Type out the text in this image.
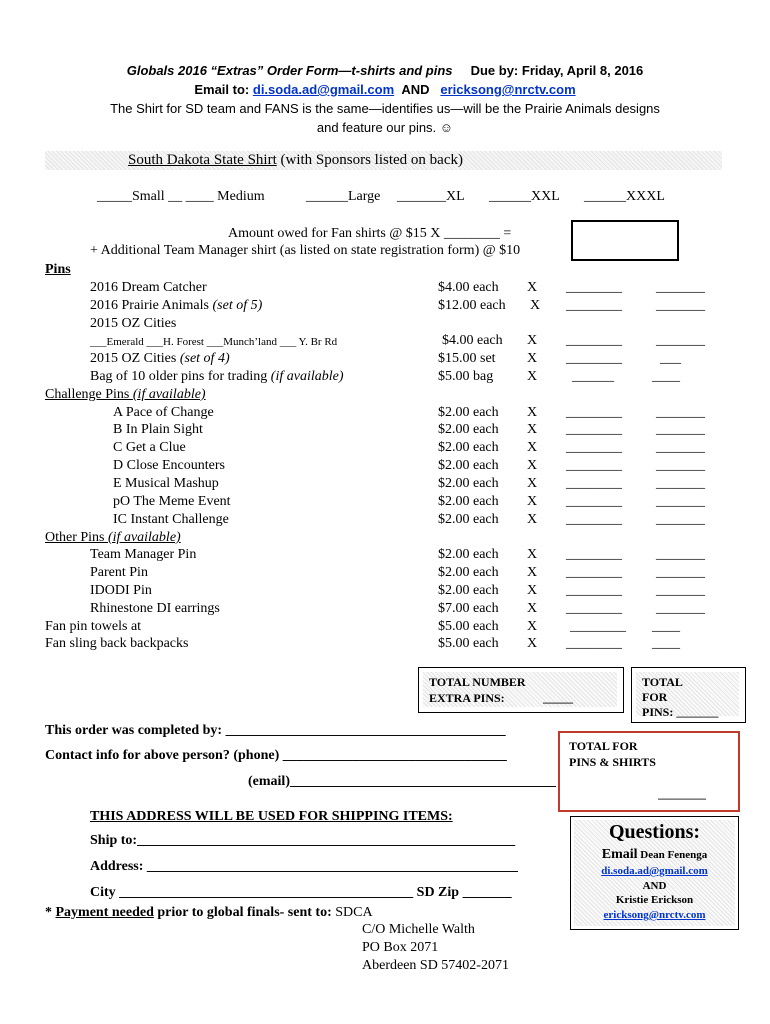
Globals 2016 “Extras” Order Form—t-shirts and pins Due by: Friday, April 8, 2016
Email to: di.soda.ad@gmail.com AND ericksong@nrctv.com
The Shirt for SD team and FANS is the same—identifies us—will be the Prairie Animals designs
and feature our pins. ☺
South Dakota State Shirt (with Sponsors listed on back)
_____Small __ ____ Medium	______Large _______XL ______XXL ______XXXL
Amount owed for Fan shirts @ $15 X ________ =
+ Additional Team Manager shirt (as listed on state registration form) @ $10
Pins
2016 Dream Catcher	$4.00 each X ________ _______
2016 Prairie Animals (set of 5)	$12.00 each X ________ _______
2015 OZ Cities
___Emerald ___H. Forest ___Munch’land ___ Y. Br Rd	$4.00 each X ________ _______
2015 OZ Cities (set of 4)	$15.00 set X ________	___
Bag of 10 older pins for trading (if available)	$5.00 bag X ______	____
Challenge Pins (if available)
A Pace of Change	$2.00 each X ________ _______
B In Plain Sight	$2.00 each X ________ _______
C Get a Clue	$2.00 each X ________ _______
D Close Encounters	$2.00 each X ________ _______
E Musical Mashup	$2.00 each X ________ _______
pO The Meme Event	$2.00 each X ________ _______
IC Instant Challenge	$2.00 each X ________ _______
Other Pins (if available)
Team Manager Pin	$2.00 each X ________ _______
Parent Pin	$2.00 each X ________ _______
IDODI Pin	$2.00 each X ________ _______
Rhinestone DI earrings	$7.00 each X ________ _______
Fan pin towels at	$5.00 each X ________ ____
Fan sling back backpacks	$5.00 each X ________ ____
TOTAL NUMBER
EXTRA PINS:	_____
TOTAL
FOR
PINS: _______
TOTAL FOR
PINS & SHIRTS
________
This order was completed by: ________________________________________
Contact info for above person? (phone) ________________________________
(email)______________________________________
THIS ADDRESS WILL BE USED FOR SHIPPING ITEMS:
Ship to:______________________________________________________
Address: _____________________________________________________
City __________________________________________ SD Zip _______
* Payment needed prior to global finals- sent to: SDCA
C/O Michelle Walth
PO Box 2071
Aberdeen SD 57402-2071
Questions:
Email Dean Fenenga
di.soda.ad@gmail.com
AND
Kristie Erickson
ericksong@nrctv.com
